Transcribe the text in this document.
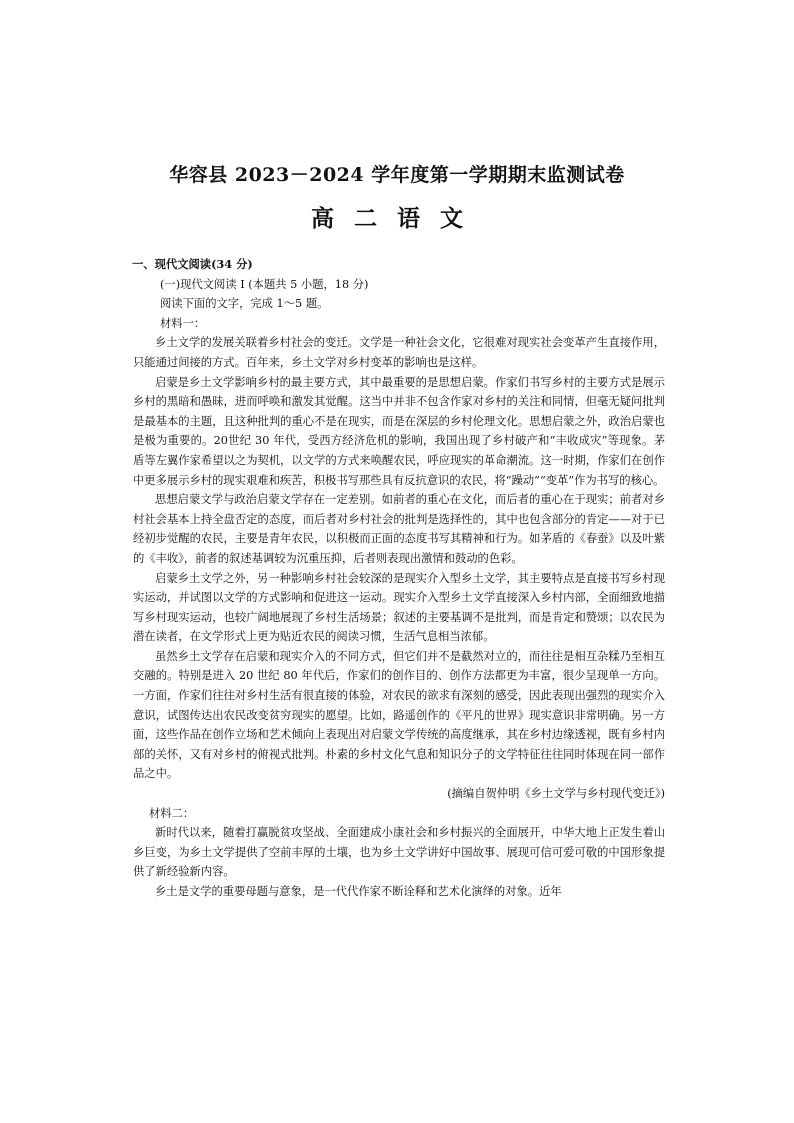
华容县 2023－2024 学年度第一学期期末监测试卷
高二语文
一、现代文阅读(34 分)
(一)现代文阅读 I (本题共 5 小题，18 分)
阅读下面的文字，完成 1～5 题。
材料一：

乡土文学的发展关联着乡村社会的变迁。文学是一种社会文化，它很难对现实社会变革产生直接作用，只能通过间接的方式。百年来，乡土文学对乡村变革的影响也是这样。

启蒙是乡土文学影响乡村的最主要方式，其中最重要的是思想启蒙。作家们书写乡村的主要方式是展示乡村的黑暗和愚昧，进而呼唤和激发其觉醒。这当中并非不包含作家对乡村的关注和同情，但毫无疑问批判是最基本的主题，且这种批判的重心不是在现实，而是在深层的乡村伦理文化。思想启蒙之外，政治启蒙也是极为重要的。20世纪 30 年代，受西方经济危机的影响，我国出现了乡村破产和“丰收成灾”等现象。茅盾等左翼作家希望以之为契机，以文学的方式来唤醒农民，呼应现实的革命潮流。这一时期，作家们在创作中更多展示乡村的现实艰难和疾苦，积极书写那些具有反抗意识的农民，将“躁动”“变革”作为书写的核心。

思想启蒙文学与政治启蒙文学存在一定差别。如前者的重心在文化，而后者的重心在于现实；前者对乡村社会基本上持全盘否定的态度，而后者对乡村社会的批判是选择性的，其中也包含部分的肯定——对于已经初步觉醒的农民，主要是青年农民，以积极而正面的态度书写其精神和行为。如茅盾的《春蚕》以及叶紫的《丰收》，前者的叙述基调较为沉重压抑，后者则表现出激情和鼓动的色彩。

启蒙乡土文学之外，另一种影响乡村社会较深的是现实介入型乡土文学，其主要特点是直接书写乡村现实运动，并试图以文学的方式影响和促进这一运动。现实介入型乡土文学直接深入乡村内部，全面细致地描写乡村现实运动，也较广阔地展现了乡村生活场景；叙述的主要基调不是批判，而是肯定和赞颂；以农民为潜在读者，在文学形式上更为贴近农民的阅读习惯，生活气息相当浓郁。

虽然乡土文学存在启蒙和现实介入的不同方式，但它们并不是截然对立的，而往往是相互杂糅乃至相互交融的。特别是进入 20 世纪 80 年代后，作家们的创作目的、创作方法都更为丰富，很少呈现单一方向。一方面，作家们往往对乡村生活有很直接的体验，对农民的欲求有深刻的感受，因此表现出强烈的现实介入意识，试图传达出农民改变贫穷现实的愿望。比如，路遥创作的《平凡的世界》现实意识非常明确。另一方面，这些作品在创作立场和艺术倾向上表现出对启蒙文学传统的高度继承，其在乡村边缘透视，既有乡村内部的关怀，又有对乡村的俯视式批判。朴素的乡村文化气息和知识分子的文学特征往往同时体现在同一部作品之中。

(摘编自贺仲明《乡土文学与乡村现代变迁》)

材料二：

新时代以来，随着打赢脱贫攻坚战、全面建成小康社会和乡村振兴的全面展开，中华大地上正发生着山乡巨变，为乡土文学提供了空前丰厚的土壤，也为乡土文学讲好中国故事、展现可信可爱可敬的中国形象提供了新经验新内容。

乡土是文学的重要母题与意象，是一代代作家不断诠释和艺术化演绎的对象。近年
